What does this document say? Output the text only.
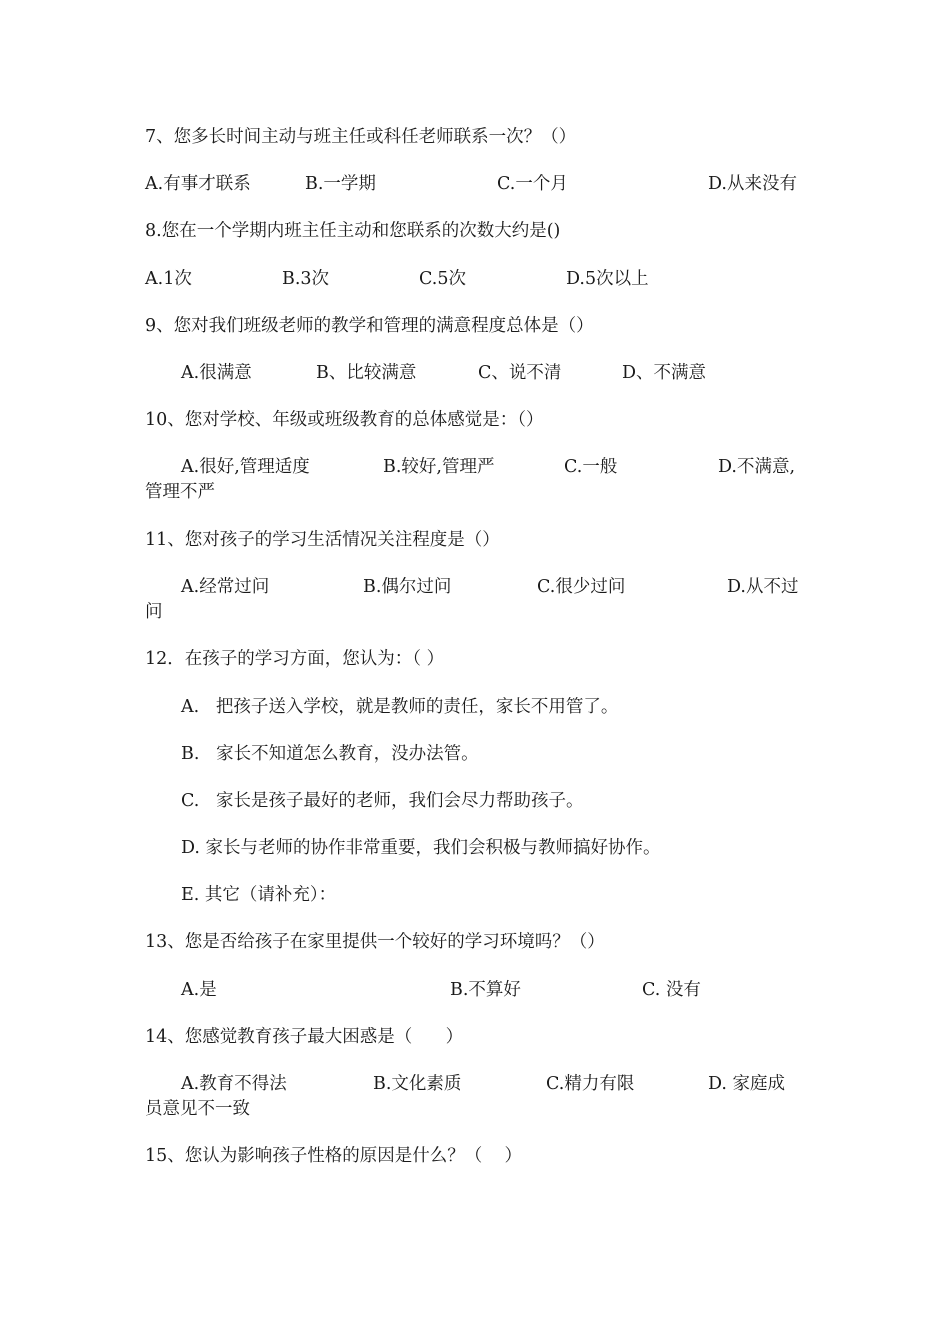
7、您多长时间主动与班主任或科任老师联系一次？（）
A.有事才联系	B.一学期	C.一个月	D.从来没有
8.您在一个学期内班主任主动和您联系的次数大约是()
A.1次	B.3次	C.5次	D.5次以上
9、您对我们班级老师的教学和管理的满意程度总体是（）
A.很满意	B、比较满意	C、说不清	D、不满意
10、您对学校、年级或班级教育的总体感觉是：（）
A.很好,管理适度	B.较好,管理严	C.一般	D.不满意,
管理不严
11、您对孩子的学习生活情况关注程度是（）
A.经常过问	B.偶尔过问	C.很少过问	D.从不过
问
12．在孩子的学习方面，您认为：（ ）
A.   把孩子送入学校，就是教师的责任，家长不用管了。
B.   家长不知道怎么教育，没办法管。
C.   家长是孩子最好的老师，我们会尽力帮助孩子。
D. 家长与老师的协作非常重要，我们会积极与教师搞好协作。
E. 其它（请补充）：
13、您是否给孩子在家里提供一个较好的学习环境吗？（）
A.是	B.不算好	C. 没有
14、您感觉教育孩子最大困惑是（      ）
A.教育不得法	B.文化素质	C.精力有限	D. 家庭成
员意见不一致
15、您认为影响孩子性格的原因是什么？（    ）
